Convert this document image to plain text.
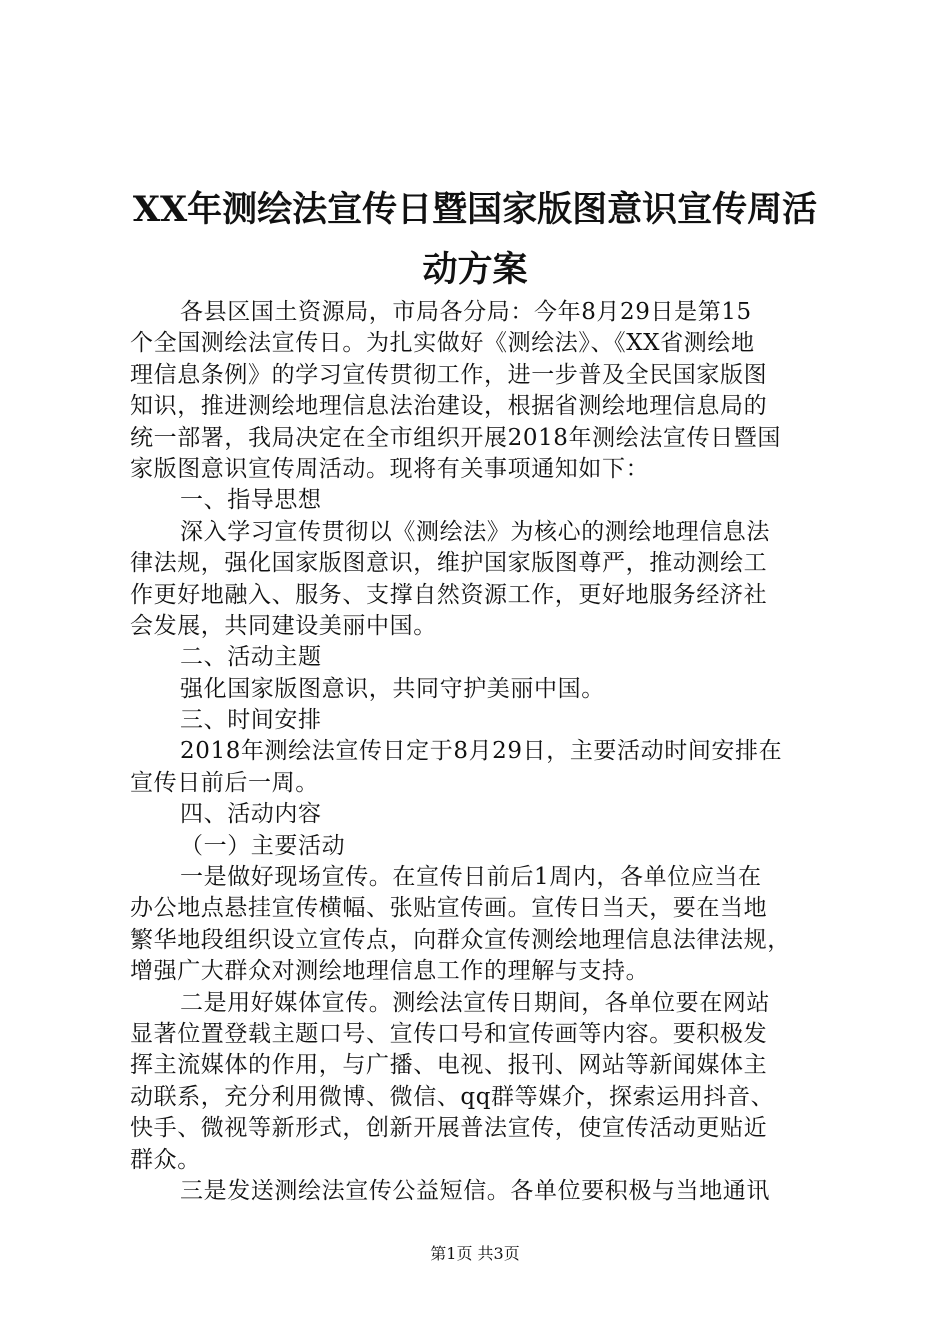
XX年测绘法宣传日暨国家版图意识宣传周活
动方案
各县区国土资源局，市局各分局：今年8月29日是第15
个全国测绘法宣传日。为扎实做好《测绘法》、《XX省测绘地
理信息条例》的学习宣传贯彻工作，进一步普及全民国家版图
知识，推进测绘地理信息法治建设，根据省测绘地理信息局的
统一部署，我局决定在全市组织开展2018年测绘法宣传日暨国
家版图意识宣传周活动。现将有关事项通知如下：
一、指导思想
深入学习宣传贯彻以《测绘法》为核心的测绘地理信息法
律法规，强化国家版图意识，维护国家版图尊严，推动测绘工
作更好地融入、服务、支撑自然资源工作，更好地服务经济社
会发展，共同建设美丽中国。
二、活动主题
强化国家版图意识，共同守护美丽中国。
三、时间安排
2018年测绘法宣传日定于8月29日，主要活动时间安排在
宣传日前后一周。
四、活动内容
（一）主要活动
一是做好现场宣传。在宣传日前后1周内，各单位应当在
办公地点悬挂宣传横幅、张贴宣传画。宣传日当天，要在当地
繁华地段组织设立宣传点，向群众宣传测绘地理信息法律法规，
增强广大群众对测绘地理信息工作的理解与支持。
二是用好媒体宣传。测绘法宣传日期间，各单位要在网站
显著位置登载主题口号、宣传口号和宣传画等内容。要积极发
挥主流媒体的作用，与广播、电视、报刊、网站等新闻媒体主
动联系，充分利用微博、微信、qq群等媒介，探索运用抖音、
快手、微视等新形式，创新开展普法宣传，使宣传活动更贴近
群众。
三是发送测绘法宣传公益短信。各单位要积极与当地通讯
第1页 共3页
